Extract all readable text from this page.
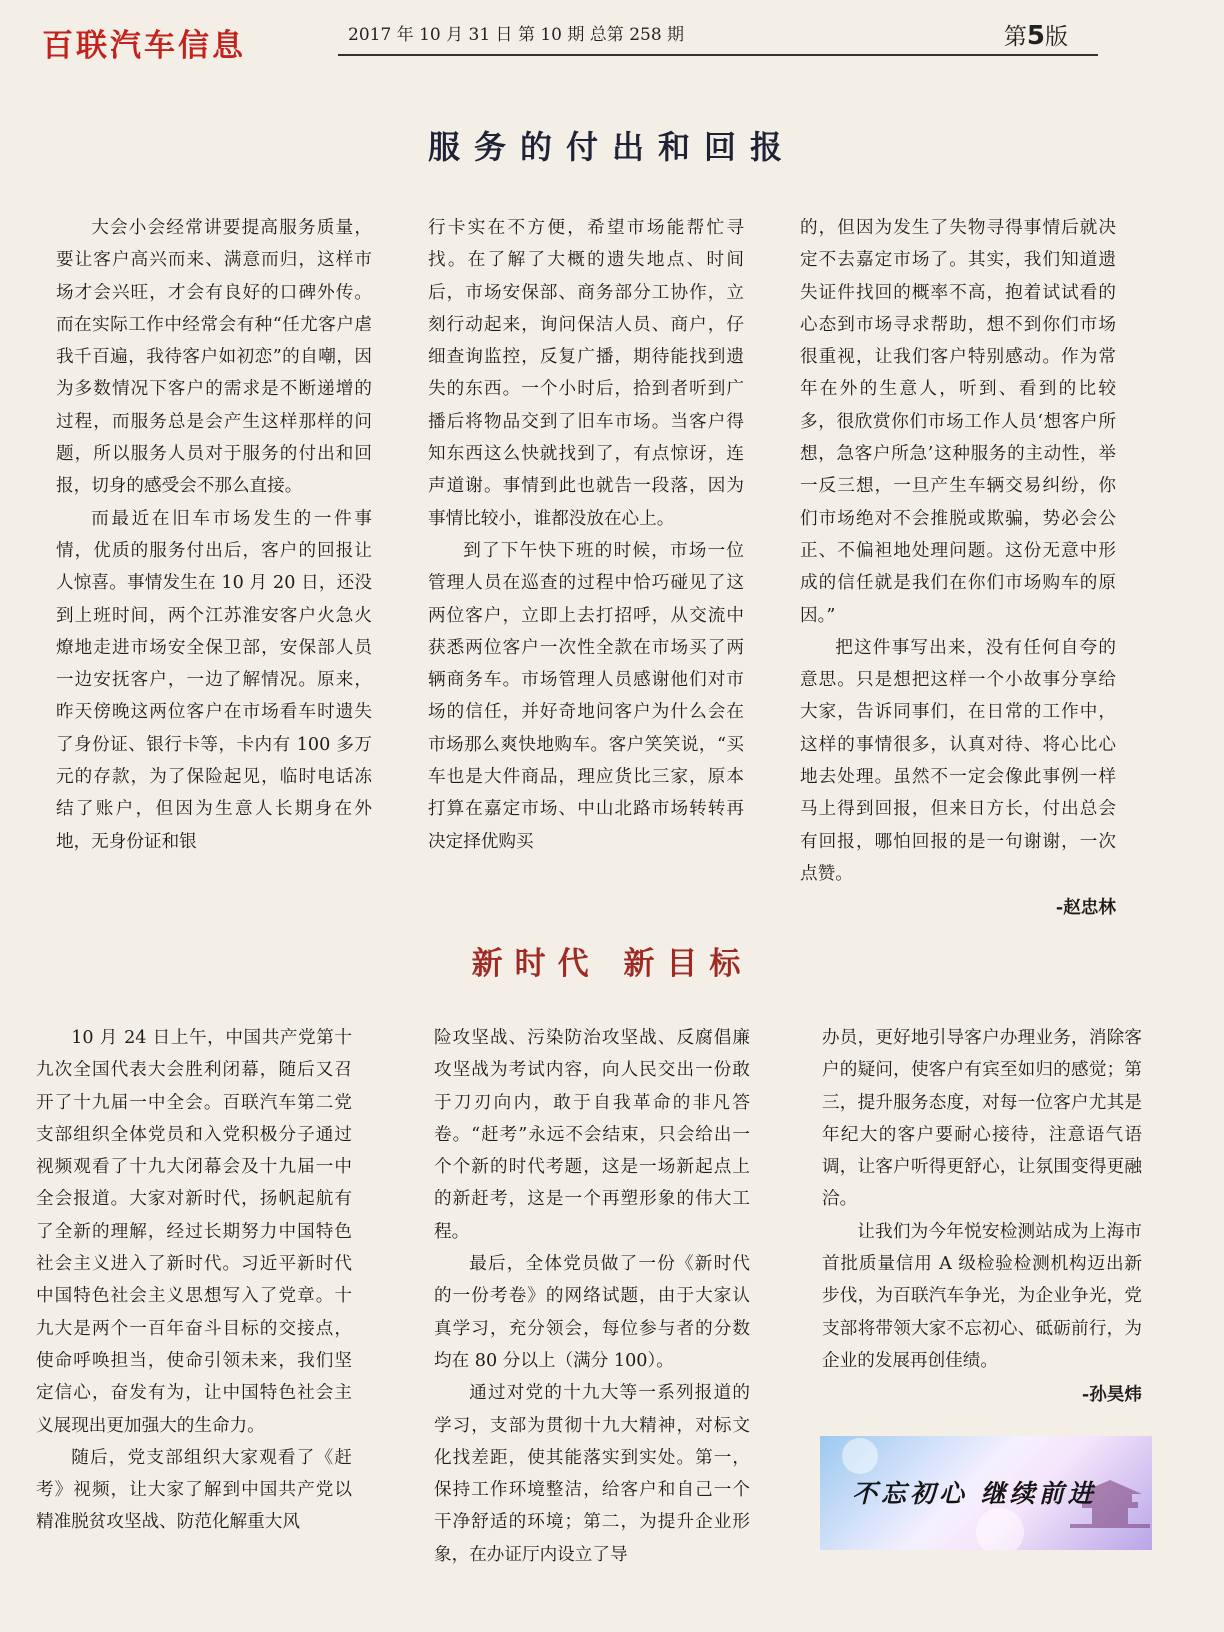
百联汽车信息	2017 年 10 月 31 日 第 10 期 总第 258 期	第5版
服务的付出和回报

大会小会经常讲要提高服务质量，要让客户高兴而来、满意而归，这样市场才会兴旺，才会有良好的口碑外传。而在实际工作中经常会有种“任尤客户虐我千百遍，我待客户如初恋”的自嘲，因为多数情况下客户的需求是不断递增的过程，而服务总是会产生这样那样的问题，所以服务人员对于服务的付出和回报，切身的感受会不那么直接。

而最近在旧车市场发生的一件事情，优质的服务付出后，客户的回报让人惊喜。事情发生在 10 月 20 日，还没到上班时间，两个江苏淮安客户火急火燎地走进市场安全保卫部，安保部人员一边安抚客户，一边了解情况。原来，昨天傍晚这两位客户在市场看车时遗失了身份证、银行卡等，卡内有 100 多万元的存款，为了保险起见，临时电话冻结了账户，但因为生意人长期身在外地，无身份证和银

行卡实在不方便，希望市场能帮忙寻找。在了解了大概的遗失地点、时间后，市场安保部、商务部分工协作，立刻行动起来，询问保洁人员、商户，仔细查询监控，反复广播，期待能找到遗失的东西。一个小时后，拾到者听到广播后将物品交到了旧车市场。当客户得知东西这么快就找到了，有点惊讶，连声道谢。事情到此也就告一段落，因为事情比较小，谁都没放在心上。

到了下午快下班的时候，市场一位管理人员在巡查的过程中恰巧碰见了这两位客户，立即上去打招呼，从交流中获悉两位客户一次性全款在市场买了两辆商务车。市场管理人员感谢他们对市场的信任，并好奇地问客户为什么会在市场那么爽快地购车。客户笑笑说，“买车也是大件商品，理应货比三家，原本打算在嘉定市场、中山北路市场转转再决定择优购买

的，但因为发生了失物寻得事情后就决定不去嘉定市场了。其实，我们知道遗失证件找回的概率不高，抱着试试看的心态到市场寻求帮助，想不到你们市场很重视，让我们客户特别感动。作为常年在外的生意人，听到、看到的比较多，很欣赏你们市场工作人员‘想客户所想，急客户所急’这种服务的主动性，举一反三想，一旦产生车辆交易纠纷，你们市场绝对不会推脱或欺骗，势必会公正、不偏袒地处理问题。这份无意中形成的信任就是我们在你们市场购车的原因。”

把这件事写出来，没有任何自夸的意思。只是想把这样一个小故事分享给大家，告诉同事们，在日常的工作中，这样的事情很多，认真对待、将心比心地去处理。虽然不一定会像此事例一样马上得到回报，但来日方长，付出总会有回报，哪怕回报的是一句谢谢，一次点赞。

-赵忠林

新时代 新目标

10 月 24 日上午，中国共产党第十九次全国代表大会胜利闭幕，随后又召开了十九届一中全会。百联汽车第二党支部组织全体党员和入党积极分子通过视频观看了十九大闭幕会及十九届一中全会报道。大家对新时代，扬帆起航有了全新的理解，经过长期努力中国特色社会主义进入了新时代。习近平新时代中国特色社会主义思想写入了党章。十九大是两个一百年奋斗目标的交接点，使命呼唤担当，使命引领未来，我们坚定信心，奋发有为，让中国特色社会主义展现出更加强大的生命力。

随后，党支部组织大家观看了《赶考》视频，让大家了解到中国共产党以精准脱贫攻坚战、防范化解重大风

险攻坚战、污染防治攻坚战、反腐倡廉攻坚战为考试内容，向人民交出一份敢于刀刃向内，敢于自我革命的非凡答卷。“赶考”永远不会结束，只会给出一个个新的时代考题，这是一场新起点上的新赶考，这是一个再塑形象的伟大工程。

最后，全体党员做了一份《新时代的一份考卷》的网络试题，由于大家认真学习，充分领会，每位参与者的分数均在 80 分以上（满分 100）。

通过对党的十九大等一系列报道的学习，支部为贯彻十九大精神，对标文化找差距，使其能落实到实处。第一，保持工作环境整洁，给客户和自己一个干净舒适的环境；第二，为提升企业形象，在办证厅内设立了导

办员，更好地引导客户办理业务，消除客户的疑问，使客户有宾至如归的感觉；第三，提升服务态度，对每一位客户尤其是年纪大的客户要耐心接待，注意语气语调，让客户听得更舒心，让氛围变得更融洽。

让我们为今年悦安检测站成为上海市首批质量信用 A 级检验检测机构迈出新步伐，为百联汽车争光，为企业争光，党支部将带领大家不忘初心、砥砺前行，为企业的发展再创佳绩。

-孙昊炜

不忘初心 继续前进
